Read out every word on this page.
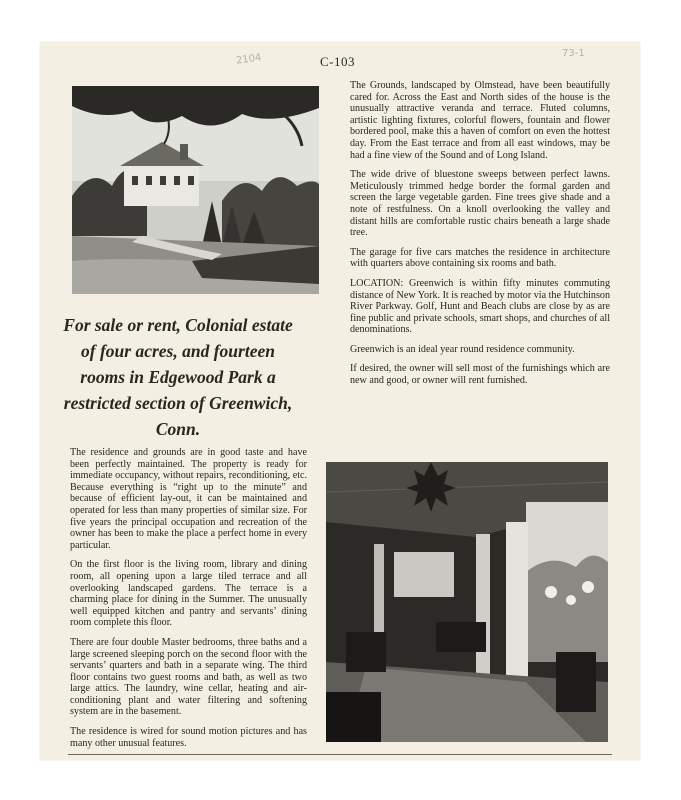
C-103
2104	73-1
For sale or rent, Colonial estate of four acres, and fourteen rooms in Edgewood Park a restricted section of Greenwich, Conn.

The residence and grounds are in good taste and have been perfectly maintained. The property is ready for immediate occupancy, without repairs, reconditioning, etc. Because everything is “right up to the minute” and because of efficient lay-out, it can be maintained and operated for less than many properties of similar size. For five years the principal occupation and recreation of the owner has been to make the place a perfect home in every particular.

On the first floor is the living room, library and dining room, all opening upon a large tiled terrace and all overlooking landscaped gardens. The terrace is a charming place for dining in the Summer. The unusually well equipped kitchen and pantry and servants’ dining room complete this floor.

There are four double Master bedrooms, three baths and a large screened sleeping porch on the second floor with the servants’ quarters and bath in a separate wing. The third floor contains two guest rooms and bath, as well as two large attics. The laundry, wine cellar, heating and air-conditioning plant and water filtering and softening system are in the basement.

The residence is wired for sound motion pictures and has many other unusual features.

The Grounds, landscaped by Olmstead, have been beautifully cared for. Across the East and North sides of the house is the unusually attractive veranda and terrace. Fluted columns, artistic lighting fixtures, colorful flowers, fountain and flower bordered pool, make this a haven of comfort on even the hottest day. From the East terrace and from all east windows, may be had a fine view of the Sound and of Long Island.

The wide drive of bluestone sweeps between perfect lawns. Meticulously trimmed hedge border the formal garden and screen the large vegetable garden. Fine trees give shade and a note of restfulness. On a knoll overlooking the valley and distant hills are comfortable rustic chairs beneath a large shade tree.

The garage for five cars matches the residence in architecture with quarters above containing six rooms and bath.

LOCATION: Greenwich is within fifty minutes commuting distance of New York. It is reached by motor via the Hutchinson River Parkway. Golf, Hunt and Beach clubs are close by as are fine public and private schools, smart shops, and churches of all denominations.

Greenwich is an ideal year round residence community.

If desired, the owner will sell most of the furnishings which are new and good, or owner will rent furnished.
